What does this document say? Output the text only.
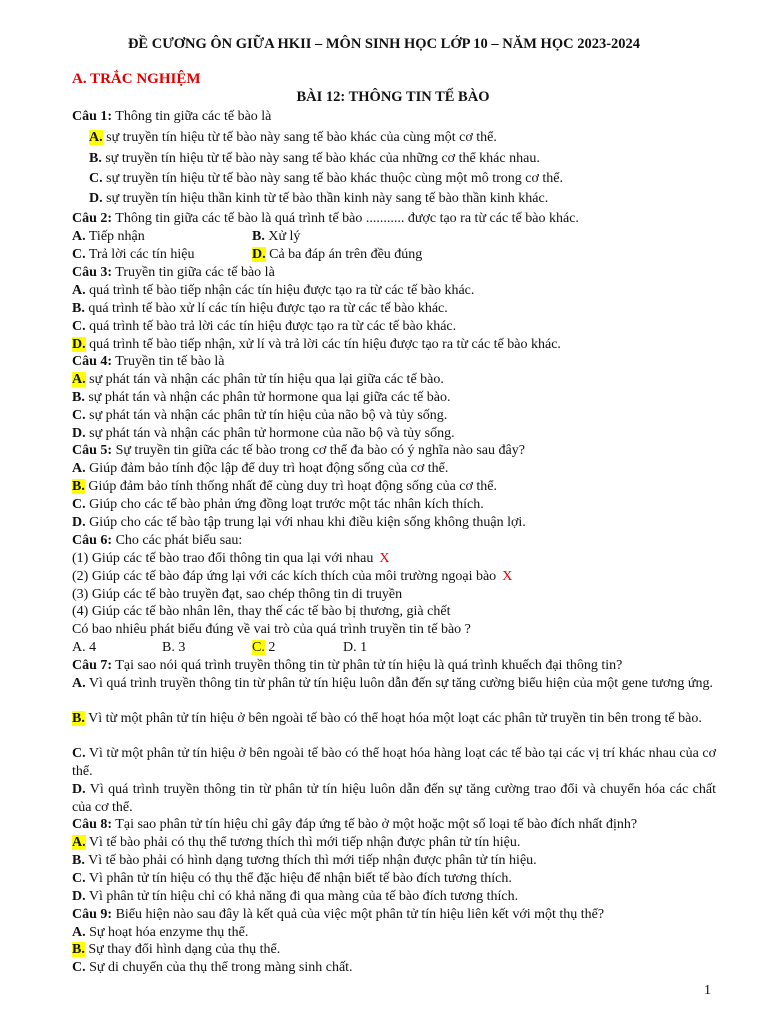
ĐỀ CƯƠNG ÔN GIỮA HKII – MÔN SINH HỌC LỚP 10 – NĂM HỌC 2023-2024
A. TRẮC NGHIỆM
BÀI 12: THÔNG TIN TẾ BÀO
Câu 1: Thông tin giữa các tế bào là
A. sự truyền tín hiệu từ tế bào này sang tế bào khác của cùng một cơ thể.
B. sự truyền tín hiệu từ tế bào này sang tế bào khác của những cơ thể khác nhau.
C. sự truyền tín hiệu từ tế bào này sang tế bào khác thuộc cùng một mô trong cơ thể.
D. sự truyền tín hiệu thần kinh từ tế bào thần kinh này sang tế bào thần kinh khác.
Câu 2: Thông tin giữa các tế bào là quá trình tế bào ........... được tạo ra từ các tế bào khác.
A. Tiếp nhận	B. Xử lý
C. Trả lời các tín hiệu	D. Cả ba đáp án trên đều đúng
Câu 3: Truyền tin giữa các tế bào là
A. quá trình tế bào tiếp nhận các tín hiệu được tạo ra từ các tế bào khác.
B. quá trình tế bào xử lí các tín hiệu được tạo ra từ các tế bào khác.
C. quá trình tế bào trả lời các tín hiệu được tạo ra từ các tế bào khác.
D. quá trình tế bào tiếp nhận, xử lí và trả lời các tín hiệu được tạo ra từ các tế bào khác.
Câu 4: Truyền tin tế bào là
A. sự phát tán và nhận các phân tử tín hiệu qua lại giữa các tế bào.
B. sự phát tán và nhận các phân tử hormone qua lại giữa các tế bào.
C. sự phát tán và nhận các phân tử tín hiệu của não bộ và tủy sống.
D. sự phát tán và nhận các phân tử hormone của não bộ và tủy sống.
Câu 5: Sự truyền tin giữa các tế bào trong cơ thể đa bào có ý nghĩa nào sau đây?
A. Giúp đảm bảo tính độc lập để duy trì hoạt động sống của cơ thể.
B. Giúp đảm bảo tính thống nhất để cùng duy trì hoạt động sống của cơ thể.
C. Giúp cho các tế bào phản ứng đồng loạt trước một tác nhân kích thích.
D. Giúp cho các tế bào tập trung lại với nhau khi điều kiện sống không thuận lợi.
Câu 6: Cho các phát biểu sau:
(1) Giúp các tế bào trao đổi thông tin qua lại với nhau X
(2) Giúp các tế bào đáp ứng lại với các kích thích của môi trường ngoại bào X
(3) Giúp các tế bào truyền đạt, sao chép thông tin di truyền
(4) Giúp các tế bào nhân lên, thay thế các tế bào bị thương, già chết
Có bao nhiêu phát biểu đúng về vai trò của quá trình truyền tin tế bào ?
A. 4	B. 3	C. 2	D. 1
Câu 7: Tại sao nói quá trình truyền thông tin từ phân tử tín hiệu là quá trình khuếch đại thông tin?
A. Vì quá trình truyền thông tin từ phân tử tín hiệu luôn dẫn đến sự tăng cường biểu hiện của một gene tương ứng.
B. Vì từ một phân tử tín hiệu ở bên ngoài tế bào có thể hoạt hóa một loạt các phân tử truyền tin bên trong tế bào.
C. Vì từ một phân tử tín hiệu ở bên ngoài tế bào có thể hoạt hóa hàng loạt các tế bào tại các vị trí khác nhau của cơ thể.
D. Vì quá trình truyền thông tin từ phân tử tín hiệu luôn dẫn đến sự tăng cường trao đổi và chuyển hóa các chất của cơ thể.
Câu 8: Tại sao phân tử tín hiệu chỉ gây đáp ứng tế bào ở một hoặc một số loại tế bào đích nhất định?
A. Vì tế bào phải có thụ thể tương thích thì mới tiếp nhận được phân tử tín hiệu.
B. Vì tế bào phải có hình dạng tương thích thì mới tiếp nhận được phân tử tín hiệu.
C. Vì phân tử tín hiệu có thụ thể đặc hiệu để nhận biết tế bào đích tương thích.
D. Vì phân tử tín hiệu chỉ có khả năng đi qua màng của tế bào đích tương thích.
Câu 9: Biểu hiện nào sau đây là kết quả của việc một phân tử tín hiệu liên kết với một thụ thể?
A. Sự hoạt hóa enzyme thụ thể.
B. Sự thay đổi hình dạng của thụ thể.
C. Sự di chuyển của thụ thể trong màng sinh chất.
1
